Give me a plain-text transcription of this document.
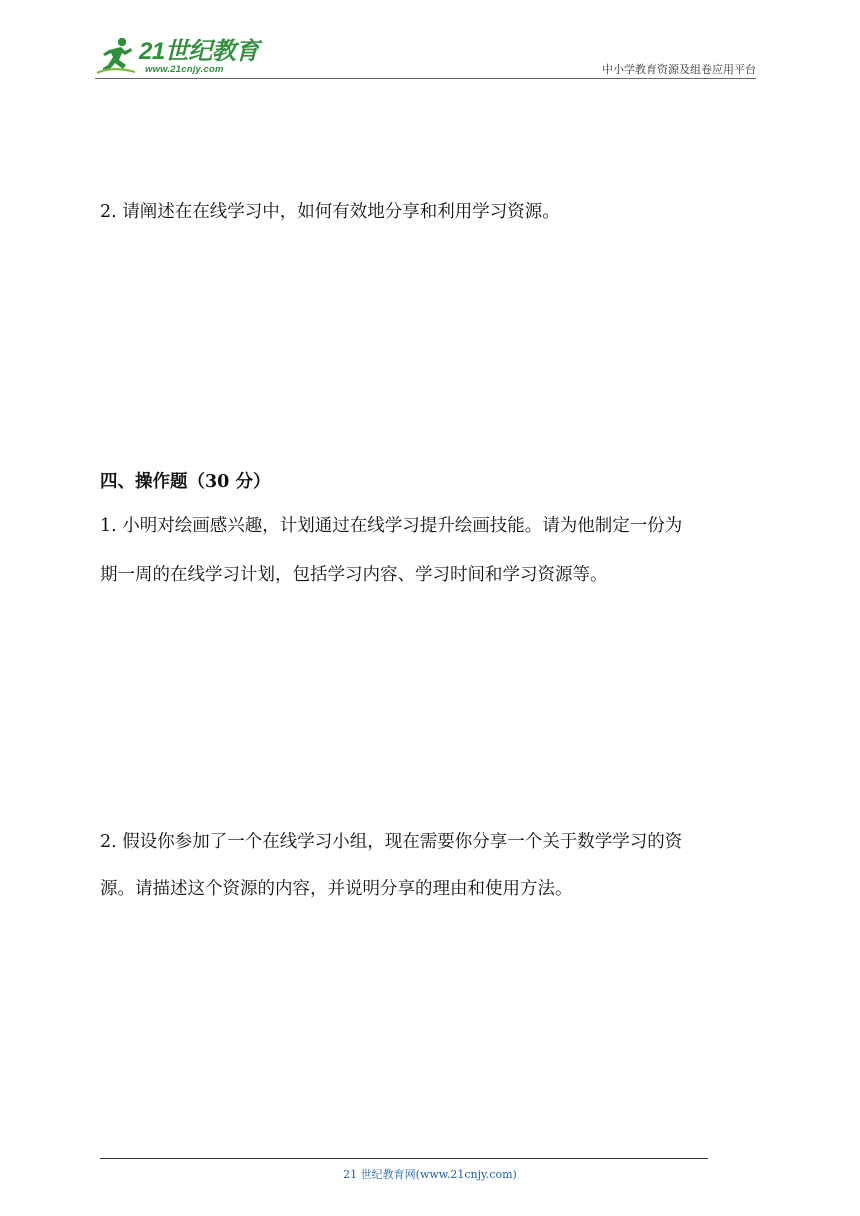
21世纪教育
www.21cnjy.com	中小学教育资源及组卷应用平台
2. 请阐述在在线学习中，如何有效地分享和利用学习资源。
四、操作题（30 分）
1. 小明对绘画感兴趣，计划通过在线学习提升绘画技能。请为他制定一份为
期一周的在线学习计划，包括学习内容、学习时间和学习资源等。
2. 假设你参加了一个在线学习小组，现在需要你分享一个关于数学学习的资
源。请描述这个资源的内容，并说明分享的理由和使用方法。
21 世纪教育网(www.21cnjy.com)
